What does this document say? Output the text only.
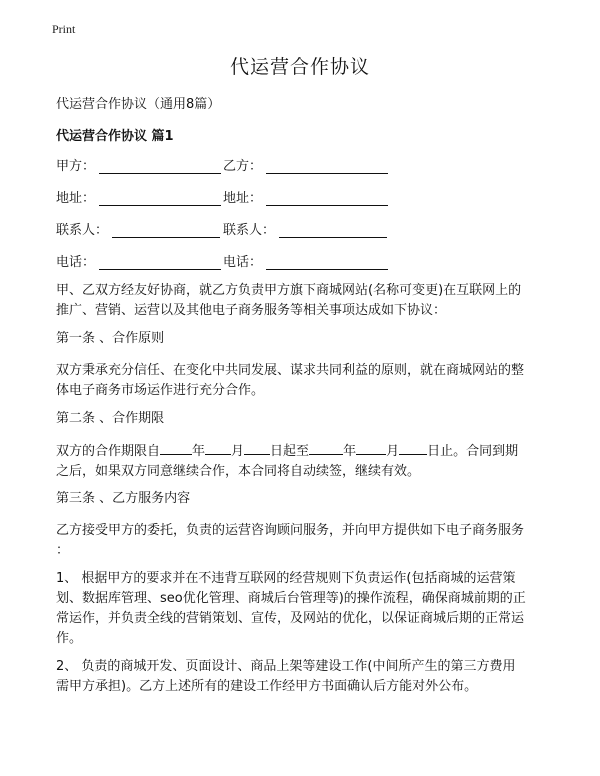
Print
代运营合作协议
代运营合作协议（通用8篇）
代运营合作协议 篇1
甲方：	乙方：
地址：	地址：
联系人：	联系人：
电话：	电话：
甲、乙双方经友好协商，就乙方负责甲方旗下商城网站(名称可变更)在互联网上的
推广、营销、运营以及其他电子商务服务等相关事项达成如下协议：
第一条 、合作原则
双方秉承充分信任、在变化中共同发展、谋求共同利益的原则，就在商城网站的整
体电子商务市场运作进行充分合作。
第二条 、合作期限
双方的合作期限自 年 月 日起至	年 月 日止。合同到期
之后，如果双方同意继续合作，本合同将自动续签，继续有效。
第三条 、乙方服务内容
乙方接受甲方的委托，负责的运营咨询顾问服务，并向甲方提供如下电子商务服务
：
1、 根据甲方的要求并在不违背互联网的经营规则下负责运作(包括商城的运营策
划、数据库管理、seo优化管理、商城后台管理等)的操作流程，确保商城前期的正
常运作，并负责全线的营销策划、宣传，及网站的优化，以保证商城后期的正常运
作。
2、 负责的商城开发、页面设计、商品上架等建设工作(中间所产生的第三方费用
需甲方承担)。乙方上述所有的建设工作经甲方书面确认后方能对外公布。
